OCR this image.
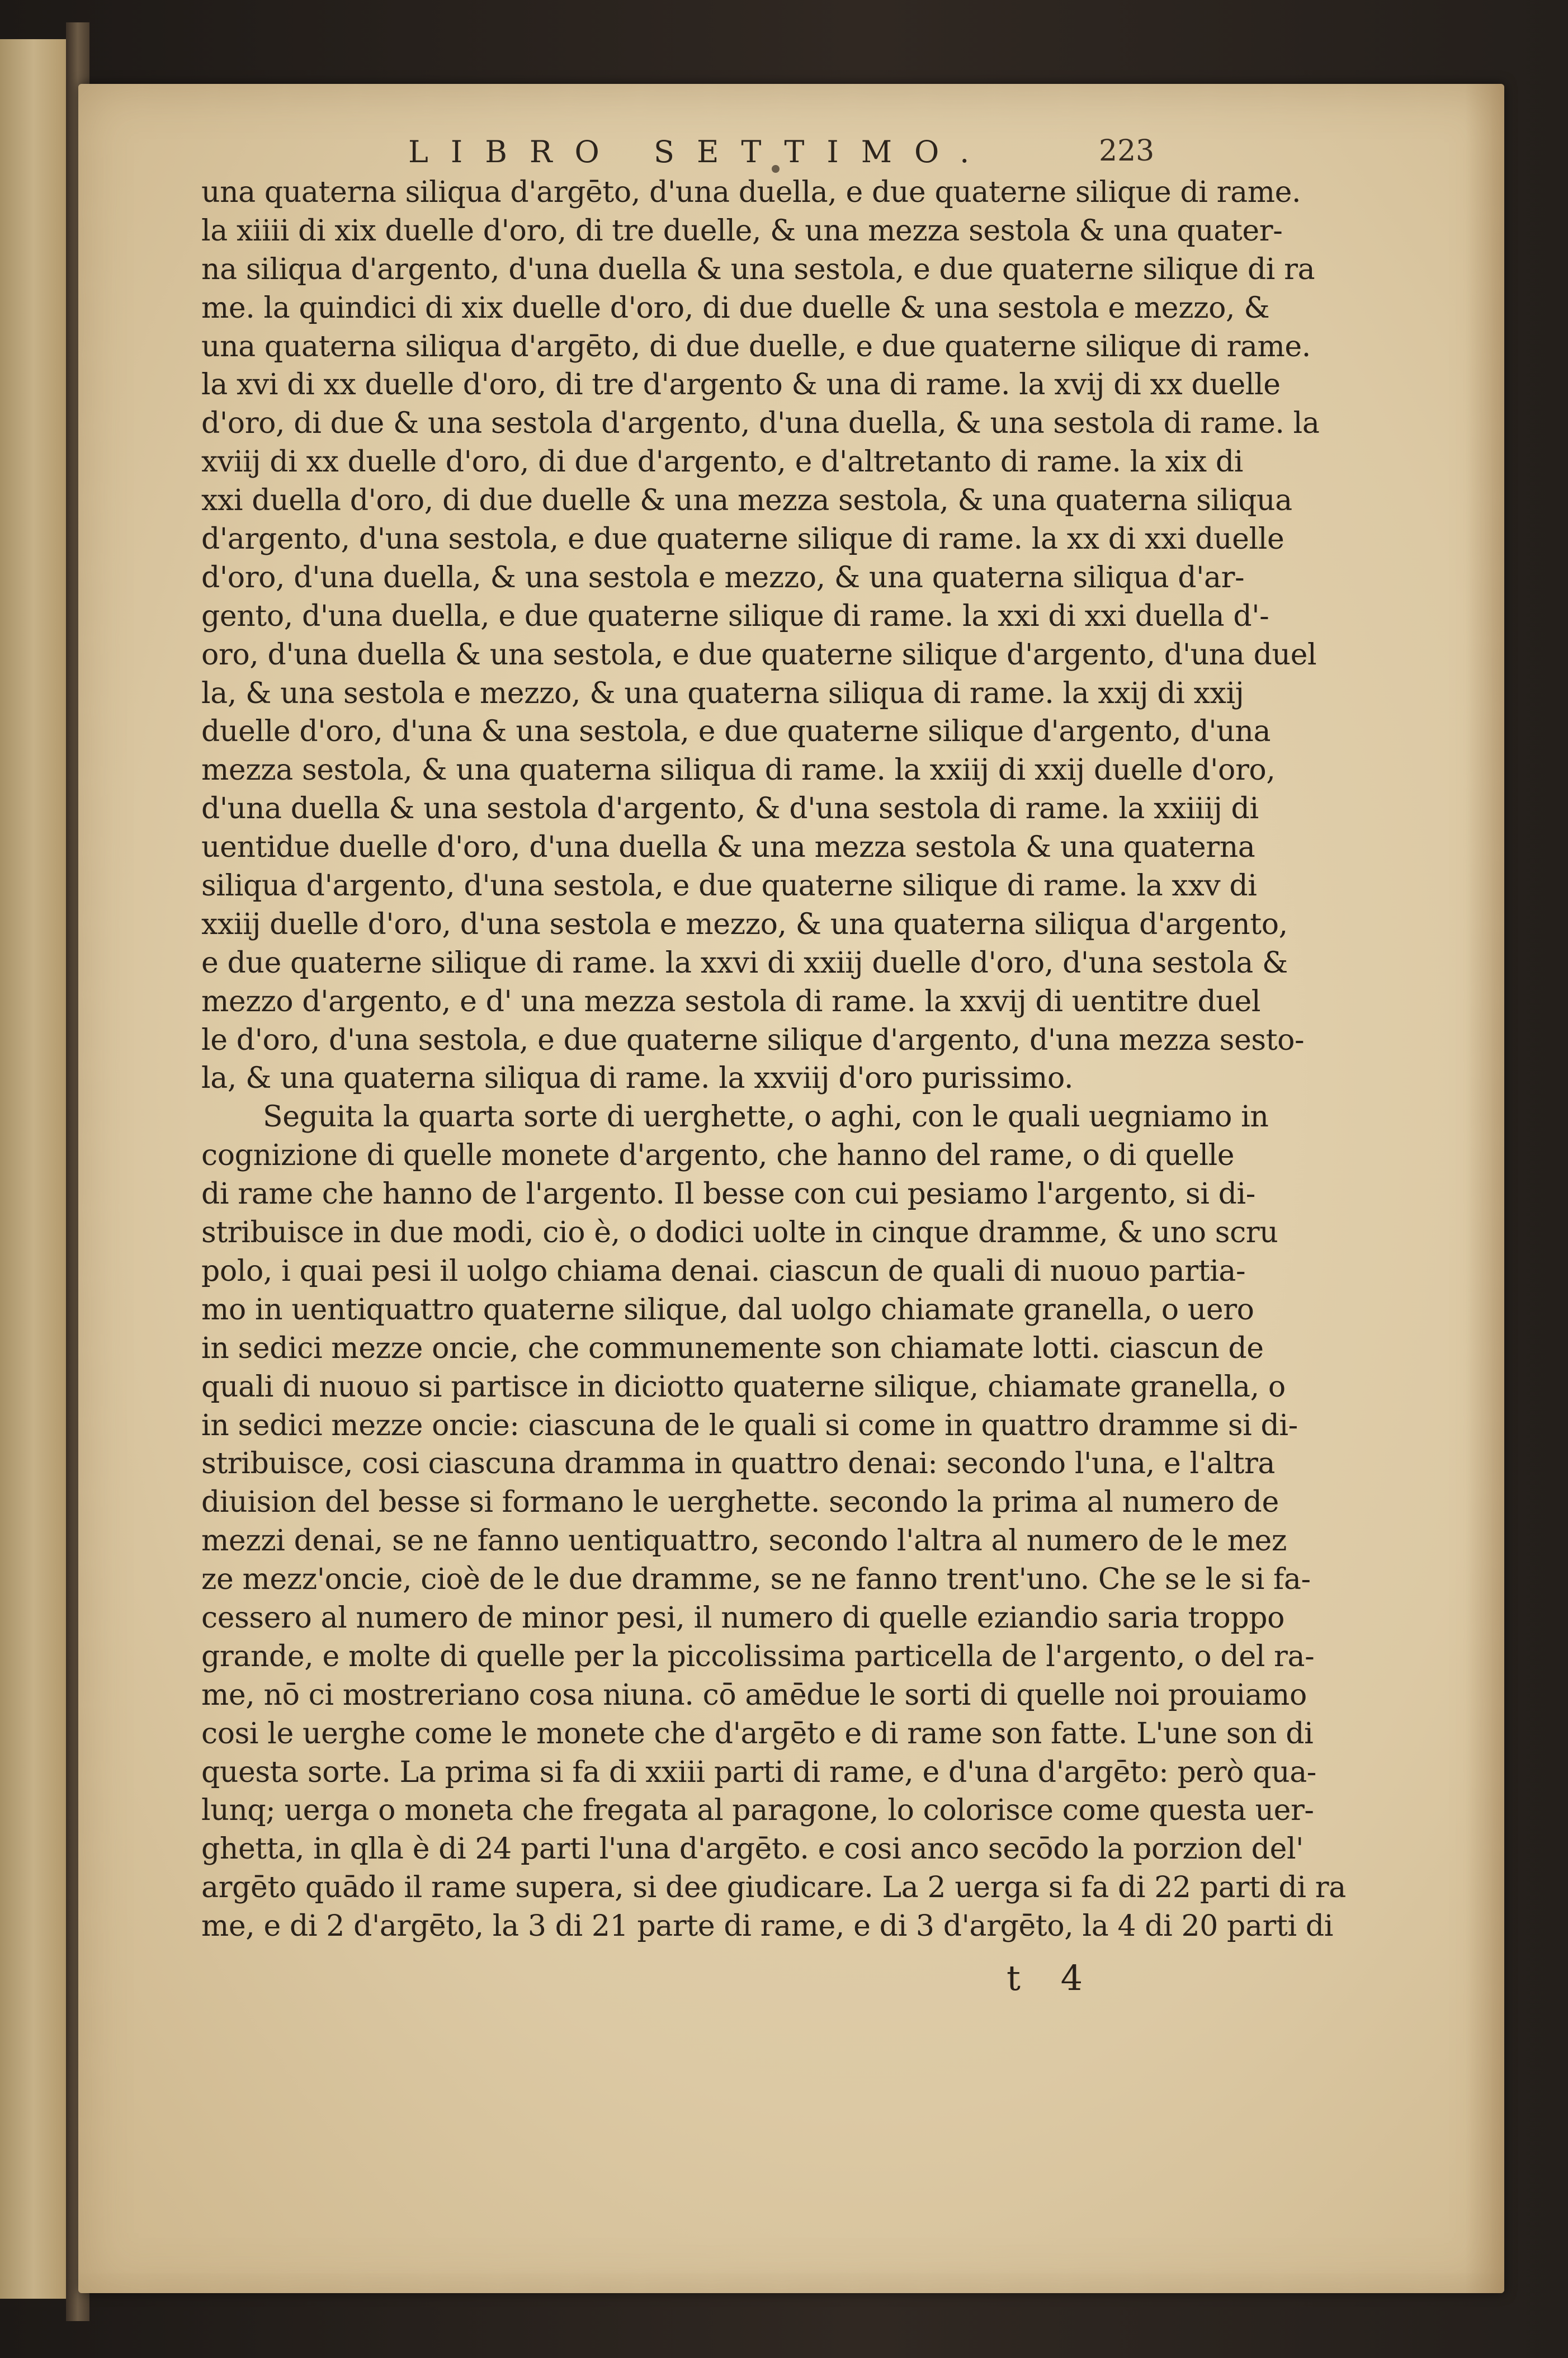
LIBRO SETTIMO.	223
una quaterna siliqua d'argēto, d'una duella, e due quaterne silique di rame.
la xiiii di xix duelle d'oro, di tre duelle, & una mezza sestola & una quater-
na siliqua d'argento, d'una duella & una sestola, e due quaterne silique di ra
me. la quindici di xix duelle d'oro, di due duelle & una sestola e mezzo, &
una quaterna siliqua d'argēto, di due duelle, e due quaterne silique di rame.
la xvi di xx duelle d'oro, di tre d'argento & una di rame. la xvij di xx duelle
d'oro, di due & una sestola d'argento, d'una duella, & una sestola di rame. la
xviij di xx duelle d'oro, di due d'argento, e d'altretanto di rame. la xix di
xxi duella d'oro, di due duelle & una mezza sestola, & una quaterna siliqua
d'argento, d'una sestola, e due quaterne silique di rame. la xx di xxi duelle
d'oro, d'una duella, & una sestola e mezzo, & una quaterna siliqua d'ar-
gento, d'una duella, e due quaterne silique di rame. la xxi di xxi duella d'-
oro, d'una duella & una sestola, e due quaterne silique d'argento, d'una duel
la, & una sestola e mezzo, & una quaterna siliqua di rame. la xxij di xxij
duelle d'oro, d'una & una sestola, e due quaterne silique d'argento, d'una
mezza sestola, & una quaterna siliqua di rame. la xxiij di xxij duelle d'oro,
d'una duella & una sestola d'argento, & d'una sestola di rame. la xxiiij di
uentidue duelle d'oro, d'una duella & una mezza sestola & una quaterna
siliqua d'argento, d'una sestola, e due quaterne silique di rame. la xxv di
xxiij duelle d'oro, d'una sestola e mezzo, & una quaterna siliqua d'argento,
e due quaterne silique di rame. la xxvi di xxiij duelle d'oro, d'una sestola &
mezzo d'argento, e d' una mezza sestola di rame. la xxvij di uentitre duel
le d'oro, d'una sestola, e due quaterne silique d'argento, d'una mezza sesto-
la, & una quaterna siliqua di rame. la xxviij d'oro purissimo.
Seguita la quarta sorte di uerghette, o aghi, con le quali uegniamo in
cognizione di quelle monete d'argento, che hanno del rame, o di quelle
di rame che hanno de l'argento. Il besse con cui pesiamo l'argento, si di-
stribuisce in due modi, cio è, o dodici uolte in cinque dramme, & uno scru
polo, i quai pesi il uolgo chiama denai. ciascun de quali di nuouo partia-
mo in uentiquattro quaterne silique, dal uolgo chiamate granella, o uero
in sedici mezze oncie, che communemente son chiamate lotti. ciascun de
quali di nuouo si partisce in diciotto quaterne silique, chiamate granella, o
in sedici mezze oncie: ciascuna de le quali si come in quattro dramme si di-
stribuisce, cosi ciascuna dramma in quattro denai: secondo l'una, e l'altra
diuision del besse si formano le uerghette. secondo la prima al numero de
mezzi denai, se ne fanno uentiquattro, secondo l'altra al numero de le mez
ze mezz'oncie, cioè de le due dramme, se ne fanno trent'uno. Che se le si fa-
cessero al numero de minor pesi, il numero di quelle eziandio saria troppo
grande, e molte di quelle per la piccolissima particella de l'argento, o del ra-
me, nō ci mostreriano cosa niuna. cō amēdue le sorti di quelle noi prouiamo
cosi le uerghe come le monete che d'argēto e di rame son fatte. L'une son di
questa sorte. La prima si fa di xxiii parti di rame, e d'una d'argēto: però qua-
lunq; uerga o moneta che fregata al paragone, lo colorisce come questa uer-
ghetta, in qlla è di 24 parti l'una d'argēto. e cosi anco secōdo la porzion del'
argēto quādo il rame supera, si dee giudicare. La 2 uerga si fa di 22 parti di ra
me, e di 2 d'argēto, la 3 di 21 parte di rame, e di 3 d'argēto, la 4 di 20 parti di
t 4
